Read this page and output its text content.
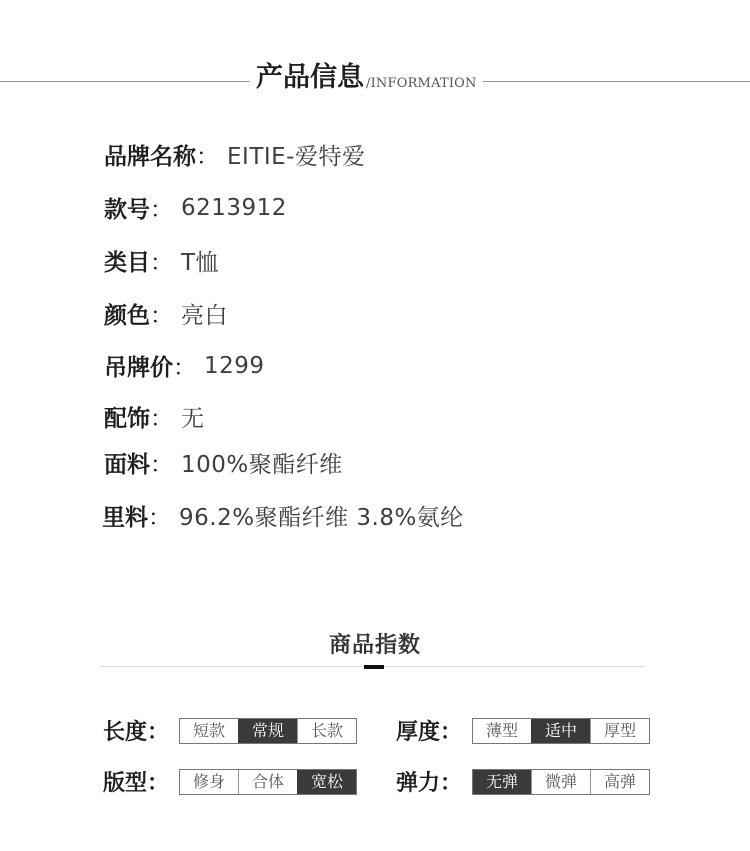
产品信息 /INFORMATION
品牌名称 ： EITIE-爱特爱
款号 ： 6213912
类目 ： T恤
颜色 ： 亮白
吊牌价 ： 1299
配饰 ： 无
面料 ： 100%聚酯纤维
里料 ： 96.2%聚酯纤维 3.8%氨纶
商品指数
长度：	短款	常规	长款	厚度：	薄型	适中	厚型
版型：	修身	合体	宽松	弹力：	无弹	微弹	高弹
